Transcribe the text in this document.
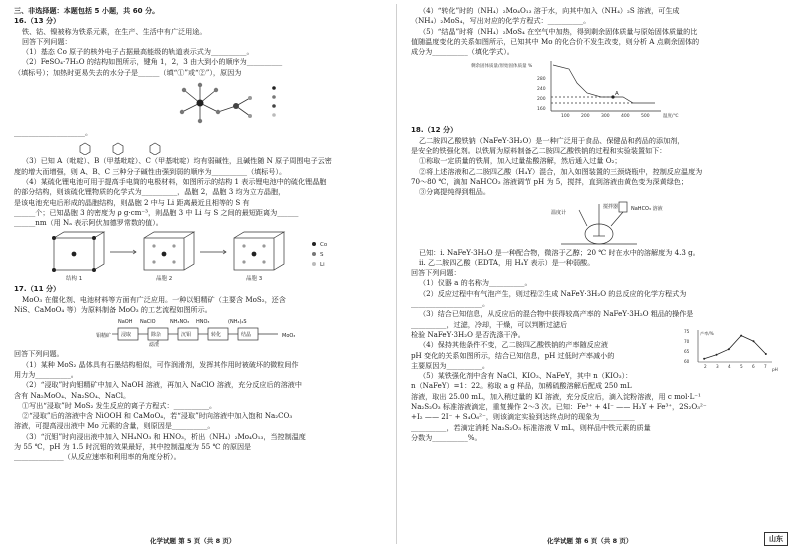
三、非选择题：本题包括 5 小题，共 60 分。
16.（13 分）
铁、钴、镍被称为铁系元素，在生产、生活中有广泛用途。
回答下列问题：
（1）基态 Co 原子的核外电子占据最高能级的轨道表示式为__________。
（2）FeSO₄·7H₂O 的结构如图所示，键角 1，2，3 由大到小的顺序为__________
（填标号）；加热时更易失去的水分子是______（填“①”或“②”），原因为
____________________。
（3）已知 A（吡啶）、B（甲基吡啶）、C（甲基吡啶）均有弱碱性，且碱性随 N 原子周围电子云密
度的增大而增强，则 A、B、C 三种分子碱性由强到弱的顺序为__________（填标号）。
（4）某硫化锂电池可用于提高手电筒的电极材料，如图所示的结构 1 表示锂电池中的硫化锂晶胞
的部分结构，则该硫化锂物质的化学式为__________，晶胞 2，晶胞 3 均为立方晶胞，
是该电池充电后形成的晶胞结构，则晶胞 2 中与 Li 距离最近且相等的 S 有
______个；已知晶胞 3 的密度为 ρ g·cm⁻³，则晶胞 3 中 Li 与 S 之间的最短距离为______
______nm（用 Nₐ 表示阿伏加德罗常数的值）。
结构 1	晶胞 2	晶胞 3
Co
S
Li
17.（11 分）
MoO₃ 在催化剂、电池材料等方面有广泛应用。一种以钼精矿（主要含 MoS₂，还含
NiS、CaMoO₄ 等）为原料制备 MoO₃ 的工艺流程如图所示。
钼精矿
NaOH NaClO	NH₄NO₃ HNO₃	(NH₄)₂S
滤渣
MoO₃
浸取	除杂	沉钼	转化	结晶
回答下列问题。
（1）某种 MoS₂ 晶体具有石墨结构相似，可作润滑剂，发挥其作用时被破坏的微粒间作
用力为__________。
（2）“浸取”时向钼精矿中加入 NaOH 溶液，再加入 NaClO 溶液，充分反应后的溶液中
含有 Na₂MoO₄、Na₂SO₄、NaCl。
①写出“浸取”时 MoS₂ 发生反应的离子方程式：__________。
②“浸取”后的溶液中含 NiOOH 和 CaMoO₄，若“浸取”时向溶液中加入饱和 Na₂CO₃
溶液，可提高浸出液中 Mo 元素的含量，则原因是__________。
（3）“沉钼”时向浸出液中加入 NH₄NO₃ 和 HNO₃，析出（NH₄）₂Mo₄O₁₃，当控制温度
为 55 ℃，pH 为 1.5 时沉钼的效果最好，其中控制温度为 55 ℃ 的原因是
______________（从反应速率和利用率的角度分析）。
化学试题 第 5 页（共 8 页）
（4）“转化”时的（NH₄）₂Mo₄O₁₃ 溶于水，向其中加入（NH₄）₂S 溶液，可生成
（NH₄）₂MoS₄，写出对应的化学方程式：__________。
（5）“结晶”时将（NH₄）₂MoS₄ 在空气中加热，得到剩余固体质量与原始固体质量的比
值随温度变化的关系如图所示，已知其中 Mo 的化合价不发生改变，则分析 A 点剩余固体的
成分为__________（填化学式）。
A
160
200
240
280
100	200	300	400	500	温度/℃
剩余固体质量/原始固体质量 %
18.（12 分）
乙二胺四乙酸铁钠（NaFeY·3H₂O）是一种广泛用于食品、保健品和药品的添加剂，
是安全的铁强化剂。以铁屑为原料制备乙二胺四乙酸铁钠的过程和实验装置如下：
①称取一定质量的铁屑，加入过量盐酸溶解，然后通入过量 O₂；
②将上述溶液和乙二胺四乙酸（H₄Y）混合，加入如图装置的三颈烧瓶中，控制反应温度为
70～80 ℃，滴加 NaHCO₃ 溶液调节 pH 为 5，搅拌，直到溶液由黄色变为深黄绿色；
③分离提纯得到粗品。
搅拌器	NaHCO₃ 溶液
温度计
已知：ⅰ. NaFeY·3H₂O 是一种配合物，微溶于乙醇；20 ℃ 时在水中的溶解度为 4.3 g。
ⅱ. 乙二胺四乙酸（EDTA，用 H₄Y 表示）是一种弱酸。
回答下列问题：
（1）仪器 a 的名称为__________。
（2）反应过程中有气泡产生，则过程②生成 NaFeY·3H₂O 的总反应的化学方程式为
____________________。
（3）结合已知信息，从反应后的混合物中获得较高产率的 NaFeY·3H₂O 粗品的操作是
__________，过滤，冷却，干燥，可以判断过滤后
检验 NaFeY·3H₂O 是否洗涤干净。
（4）保持其他条件不变，乙二胺四乙酸铁钠的产率随反应液
pH 变化的关系如图所示，结合已知信息，pH 过低时产率减小的
主要原因为__________。	60
65
70
75
2 3 4 5 6 7
pH
产率/%
（5）某铁强化剂中含有 NaCl、KIO₃、NaFeY，其中 n（KIO₃）：
n（NaFeY）=1：22。称取 a g 样品，加稀硫酸溶解后配成 250 mL
溶液，取出 25.00 mL，加入稍过量的 KI 溶液，充分反应后，滴入淀粉溶液，用 c mol·L⁻¹
Na₂S₂O₃ 标准溶液滴定，重复操作 2～3 次。已知：Fe³⁺ + 4I⁻ —— H₂Y + Fe³⁺，2S₂O₃²⁻
+I₂ —— 2I⁻ + S₄O₆²⁻，则该滴定实验到达终点时的现象为__________
__________，若滴定消耗 Na₂S₂O₃ 标准溶液 V mL，则样品中铁元素的质量
分数为__________%。
化学试题 第 6 页（共 8 页）	山东
